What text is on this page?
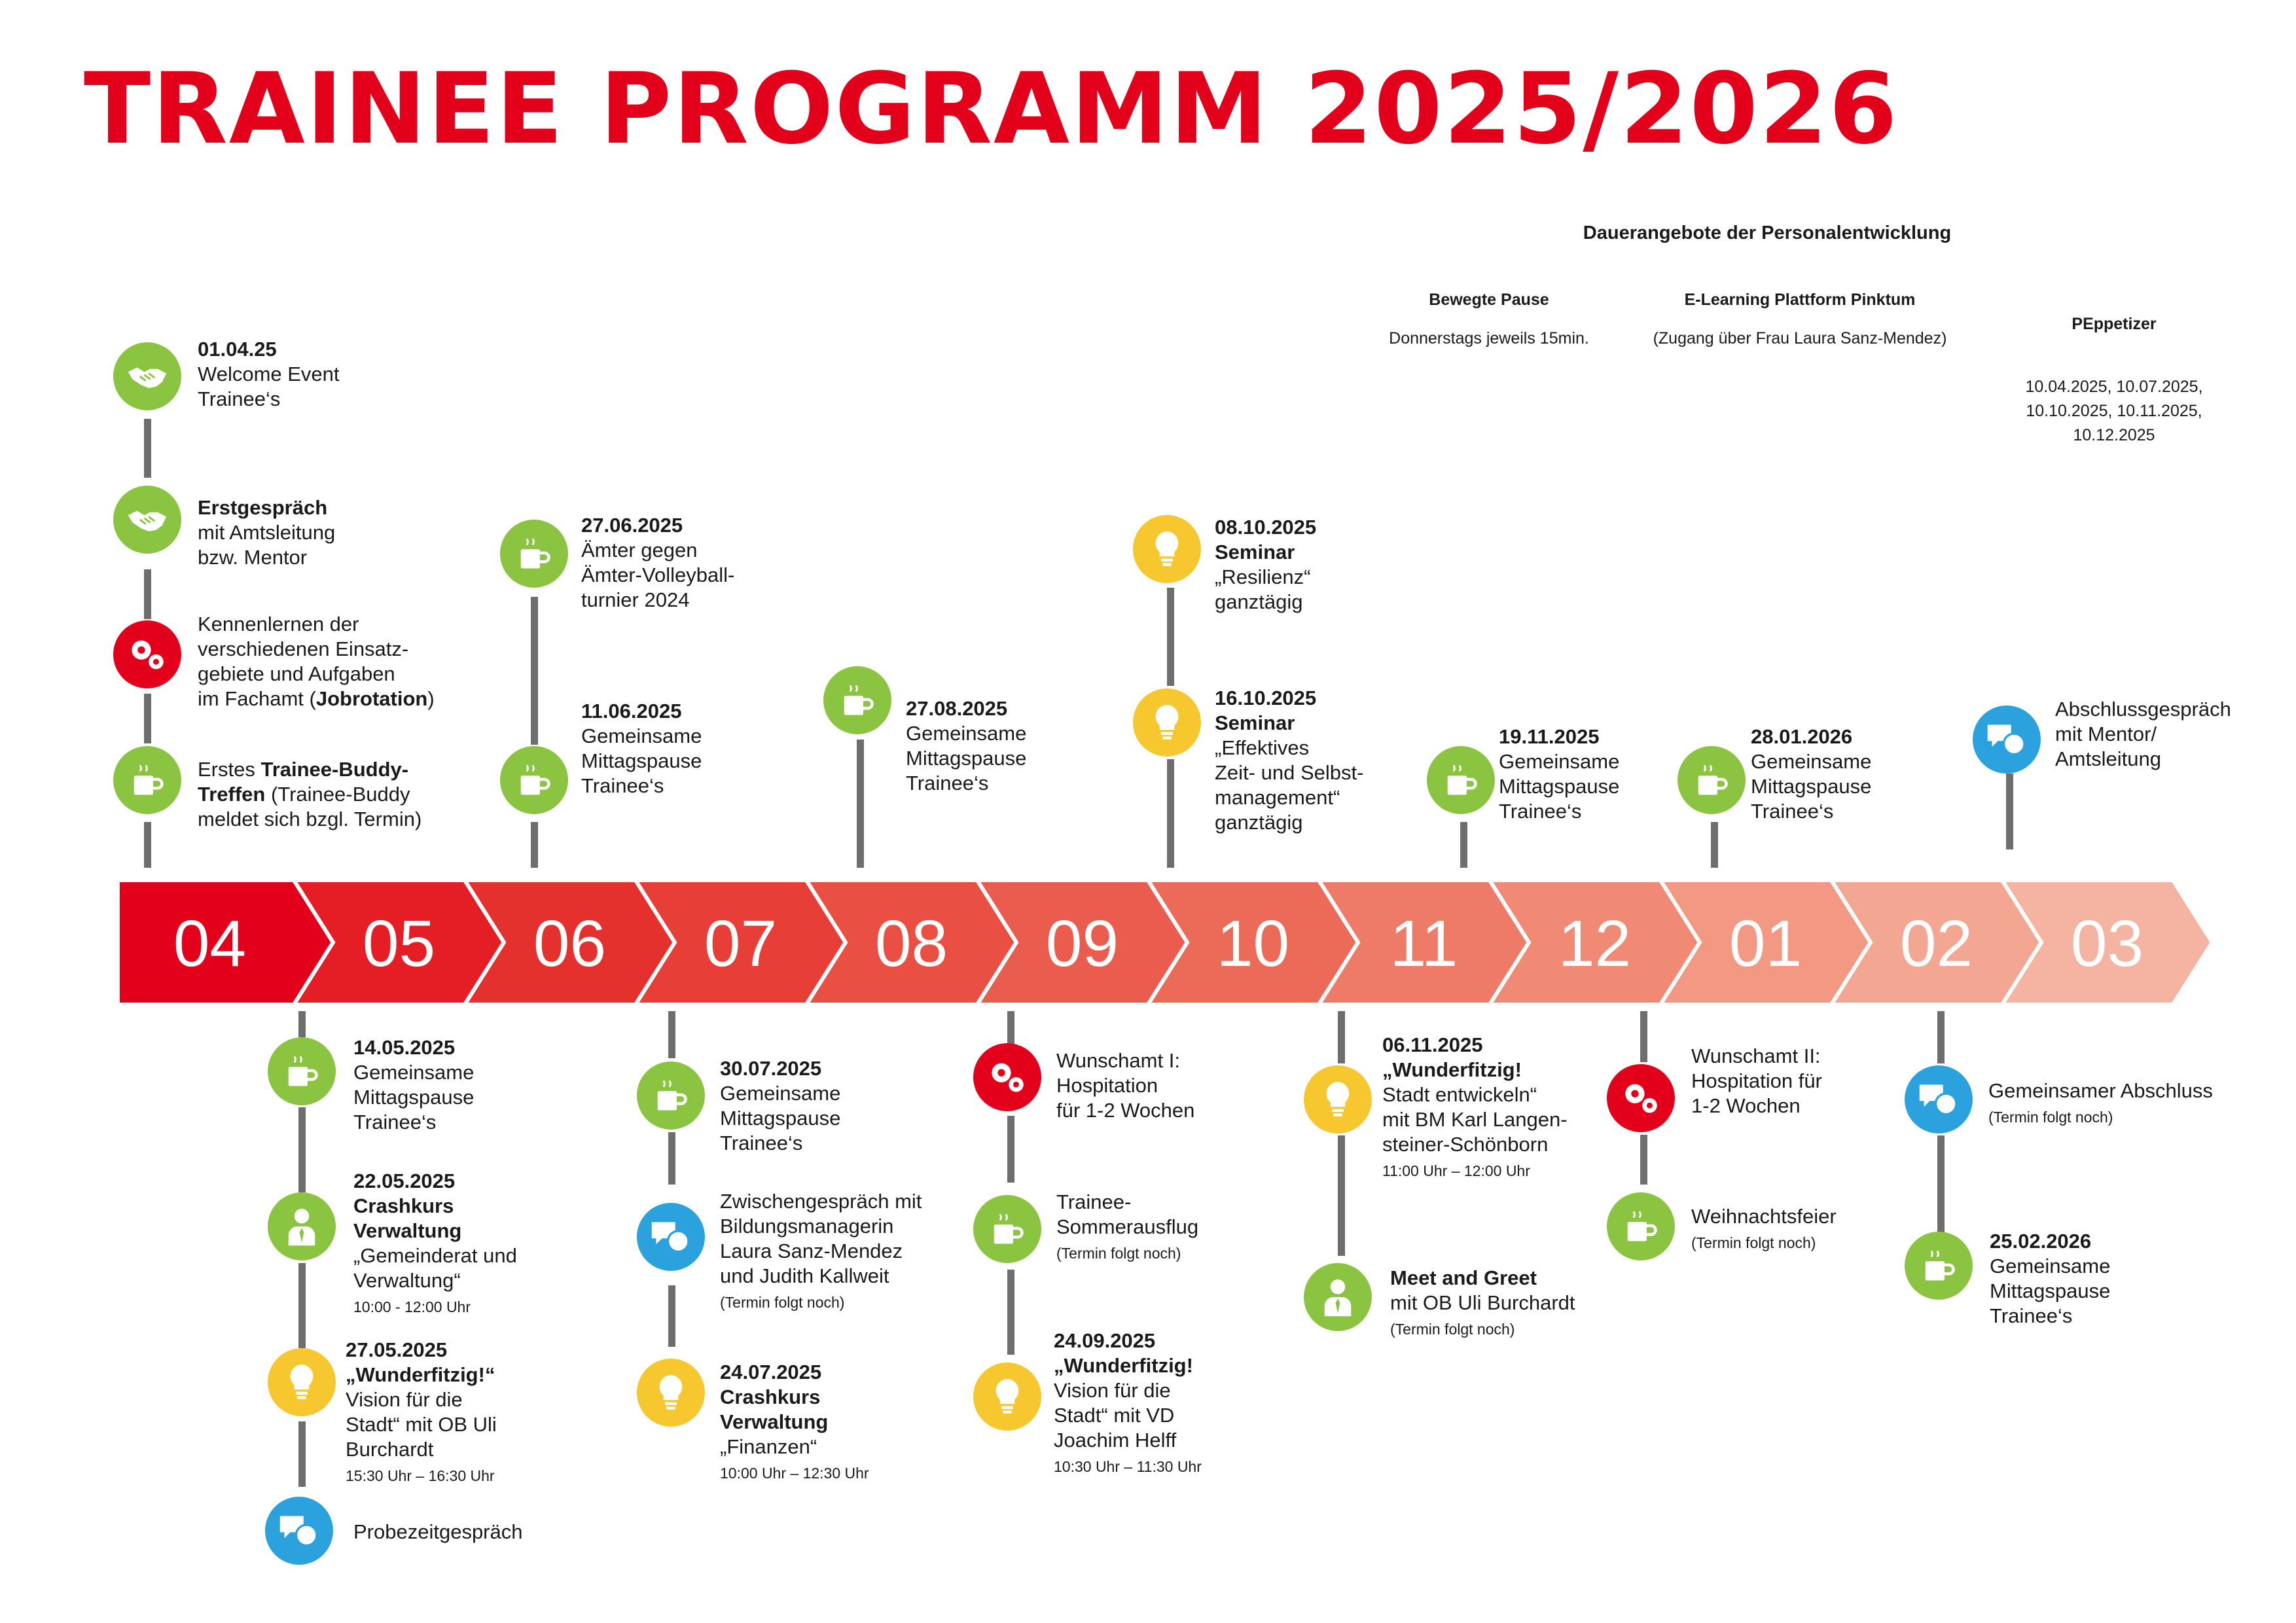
TRAINEE PROGRAMM 2025/2026
Dauerangebote der Personalentwicklung
Bewegte Pause
Donnerstags jeweils 15min.
E-Learning Plattform Pinktum
(Zugang über Frau Laura Sanz-Mendez)

PEppetizer

10.04.2025, 10.07.2025,
10.10.2025, 10.11.2025,
10.12.2025

04 05 06 07 08 09 10 11 12 01 02 03
01.04.25
Welcome Event
Trainee‘s
Erstgespräch
mit Amtsleitung
bzw. Mentor
Kennenlernen der
verschiedenen Einsatz-
gebiete und Aufgaben
im Fachamt (Jobrotation)
Erstes Trainee-Buddy-
Treffen (Trainee-Buddy
meldet sich bzgl. Termin)
27.06.2025
Ämter gegen
Ämter-Volleyball-
turnier 2024
11.06.2025
Gemeinsame
Mittagspause
Trainee‘s
27.08.2025
Gemeinsame
Mittagspause
Trainee‘s
08.10.2025
Seminar
„Resilienz“
ganztägig
16.10.2025
Seminar
„Effektives
Zeit- und Selbst-
management“
ganztägig
19.11.2025
Gemeinsame
Mittagspause
Trainee‘s
28.01.2026
Gemeinsame
Mittagspause
Trainee‘s
Abschlussgespräch
mit Mentor/
Amtsleitung
14.05.2025
Gemeinsame
Mittagspause
Trainee‘s
22.05.2025
Crashkurs
Verwaltung
„Gemeinderat und
Verwaltung“
10:00 - 12:00 Uhr
27.05.2025
„Wunderfitzig!“
Vision für die
Stadt“ mit OB Uli
Burchardt
15:30 Uhr – 16:30 Uhr
Probezeitgespräch
30.07.2025
Gemeinsame
Mittagspause
Trainee‘s
Zwischengespräch mit
Bildungsmanagerin
Laura Sanz-Mendez
und Judith Kallweit
(Termin folgt noch)
24.07.2025
Crashkurs
Verwaltung
„Finanzen“
10:00 Uhr – 12:30 Uhr
Wunschamt I:
Hospitation
für 1-2 Wochen
Trainee-
Sommerausflug
(Termin folgt noch)
24.09.2025
„Wunderfitzig!
Vision für die
Stadt“ mit VD
Joachim Helff
10:30 Uhr – 11:30 Uhr
06.11.2025
„Wunderfitzig!
Stadt entwickeln“
mit BM Karl Langen-
steiner-Schönborn
11:00 Uhr – 12:00 Uhr
Meet and Greet
mit OB Uli Burchardt
(Termin folgt noch)
Wunschamt II:
Hospitation für
1-2 Wochen
Weihnachtsfeier
(Termin folgt noch)
Gemeinsamer Abschluss
(Termin folgt noch)
25.02.2026
Gemeinsame
Mittagspause
Trainee‘s
